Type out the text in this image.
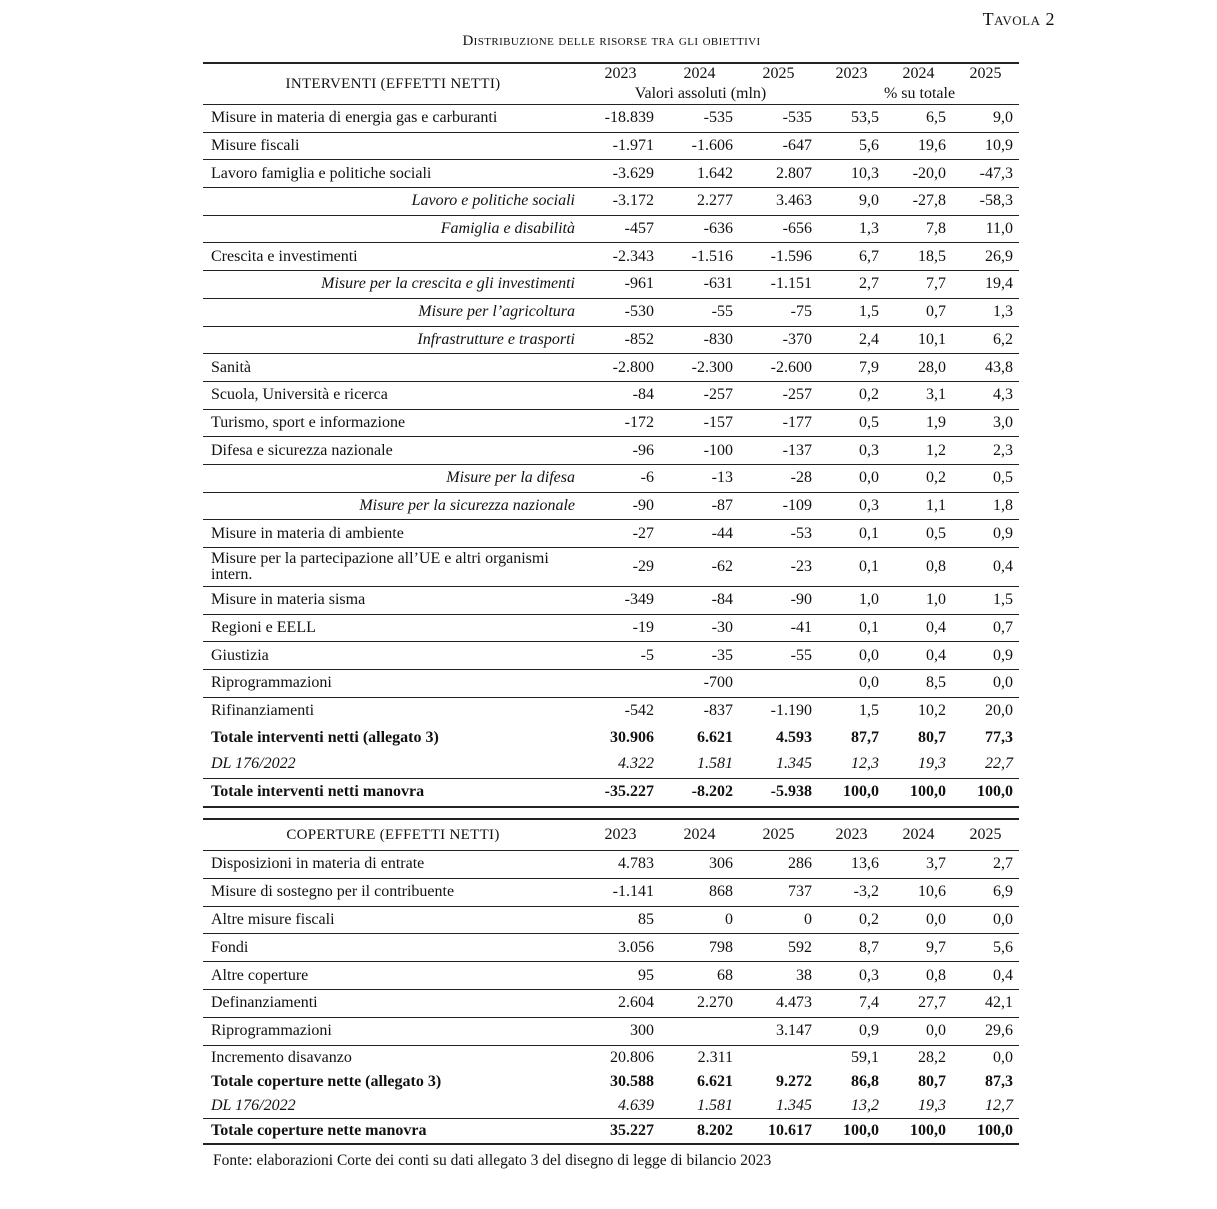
Tavola 2
Distribuzione delle risorse tra gli obiettivi
INTERVENTI (EFFETTI NETTI)	2023	2024	2025	2023	2024	2025
	Valori assoluti (mln)			% su totale		
Misure in materia di energia gas e carburanti	-18.839	-535	-535	53,5	6,5	9,0
Misure fiscali	-1.971	-1.606	-647	5,6	19,6	10,9
Lavoro famiglia e politiche sociali	-3.629	1.642	2.807	10,3	-20,0	-47,3
Lavoro e politiche sociali	-3.172	2.277	3.463	9,0	-27,8	-58,3
Famiglia e disabilità	-457	-636	-656	1,3	7,8	11,0
Crescita e investimenti	-2.343	-1.516	-1.596	6,7	18,5	26,9
Misure per la crescita e gli investimenti	-961	-631	-1.151	2,7	7,7	19,4
Misure per l’agricoltura	-530	-55	-75	1,5	0,7	1,3
Infrastrutture e trasporti	-852	-830	-370	2,4	10,1	6,2
Sanità	-2.800	-2.300	-2.600	7,9	28,0	43,8
Scuola, Università e ricerca	-84	-257	-257	0,2	3,1	4,3
Turismo, sport e informazione	-172	-157	-177	0,5	1,9	3,0
Difesa e sicurezza nazionale	-96	-100	-137	0,3	1,2	2,3
Misure per la difesa	-6	-13	-28	0,0	0,2	0,5
Misure per la sicurezza nazionale	-90	-87	-109	0,3	1,1	1,8
Misure in materia di ambiente	-27	-44	-53	0,1	0,5	0,9
Misure per la partecipazione all’UE e altri organismi intern.	-29	-62	-23	0,1	0,8	0,4
Misure in materia sisma	-349	-84	-90	1,0	1,0	1,5
Regioni e EELL	-19	-30	-41	0,1	0,4	0,7
Giustizia	-5	-35	-55	0,0	0,4	0,9
Riprogrammazioni		-700		0,0	8,5	0,0
Rifinanziamenti	-542	-837	-1.190	1,5	10,2	20,0
Totale interventi netti (allegato 3)	30.906	6.621	4.593	87,7	80,7	77,3
DL 176/2022	4.322	1.581	1.345	12,3	19,3	22,7
Totale interventi netti manovra	-35.227	-8.202	-5.938	100,0	100,0	100,0
COPERTURE (EFFETTI NETTI)	2023	2024	2025	2023	2024	2025
Disposizioni in materia di entrate	4.783	306	286	13,6	3,7	2,7
Misure di sostegno per il contribuente	-1.141	868	737	-3,2	10,6	6,9
Altre misure fiscali	85	0	0	0,2	0,0	0,0
Fondi	3.056	798	592	8,7	9,7	5,6
Altre coperture	95	68	38	0,3	0,8	0,4
Definanziamenti	2.604	2.270	4.473	7,4	27,7	42,1
Riprogrammazioni	300		3.147	0,9	0,0	29,6
Incremento disavanzo	20.806	2.311		59,1	28,2	0,0
Totale coperture nette (allegato 3)	30.588	6.621	9.272	86,8	80,7	87,3
DL 176/2022	4.639	1.581	1.345	13,2	19,3	12,7
Totale coperture nette manovra	35.227	8.202	10.617	100,0	100,0	100,0
Fonte: elaborazioni Corte dei conti su dati allegato 3 del disegno di legge di bilancio 2023
